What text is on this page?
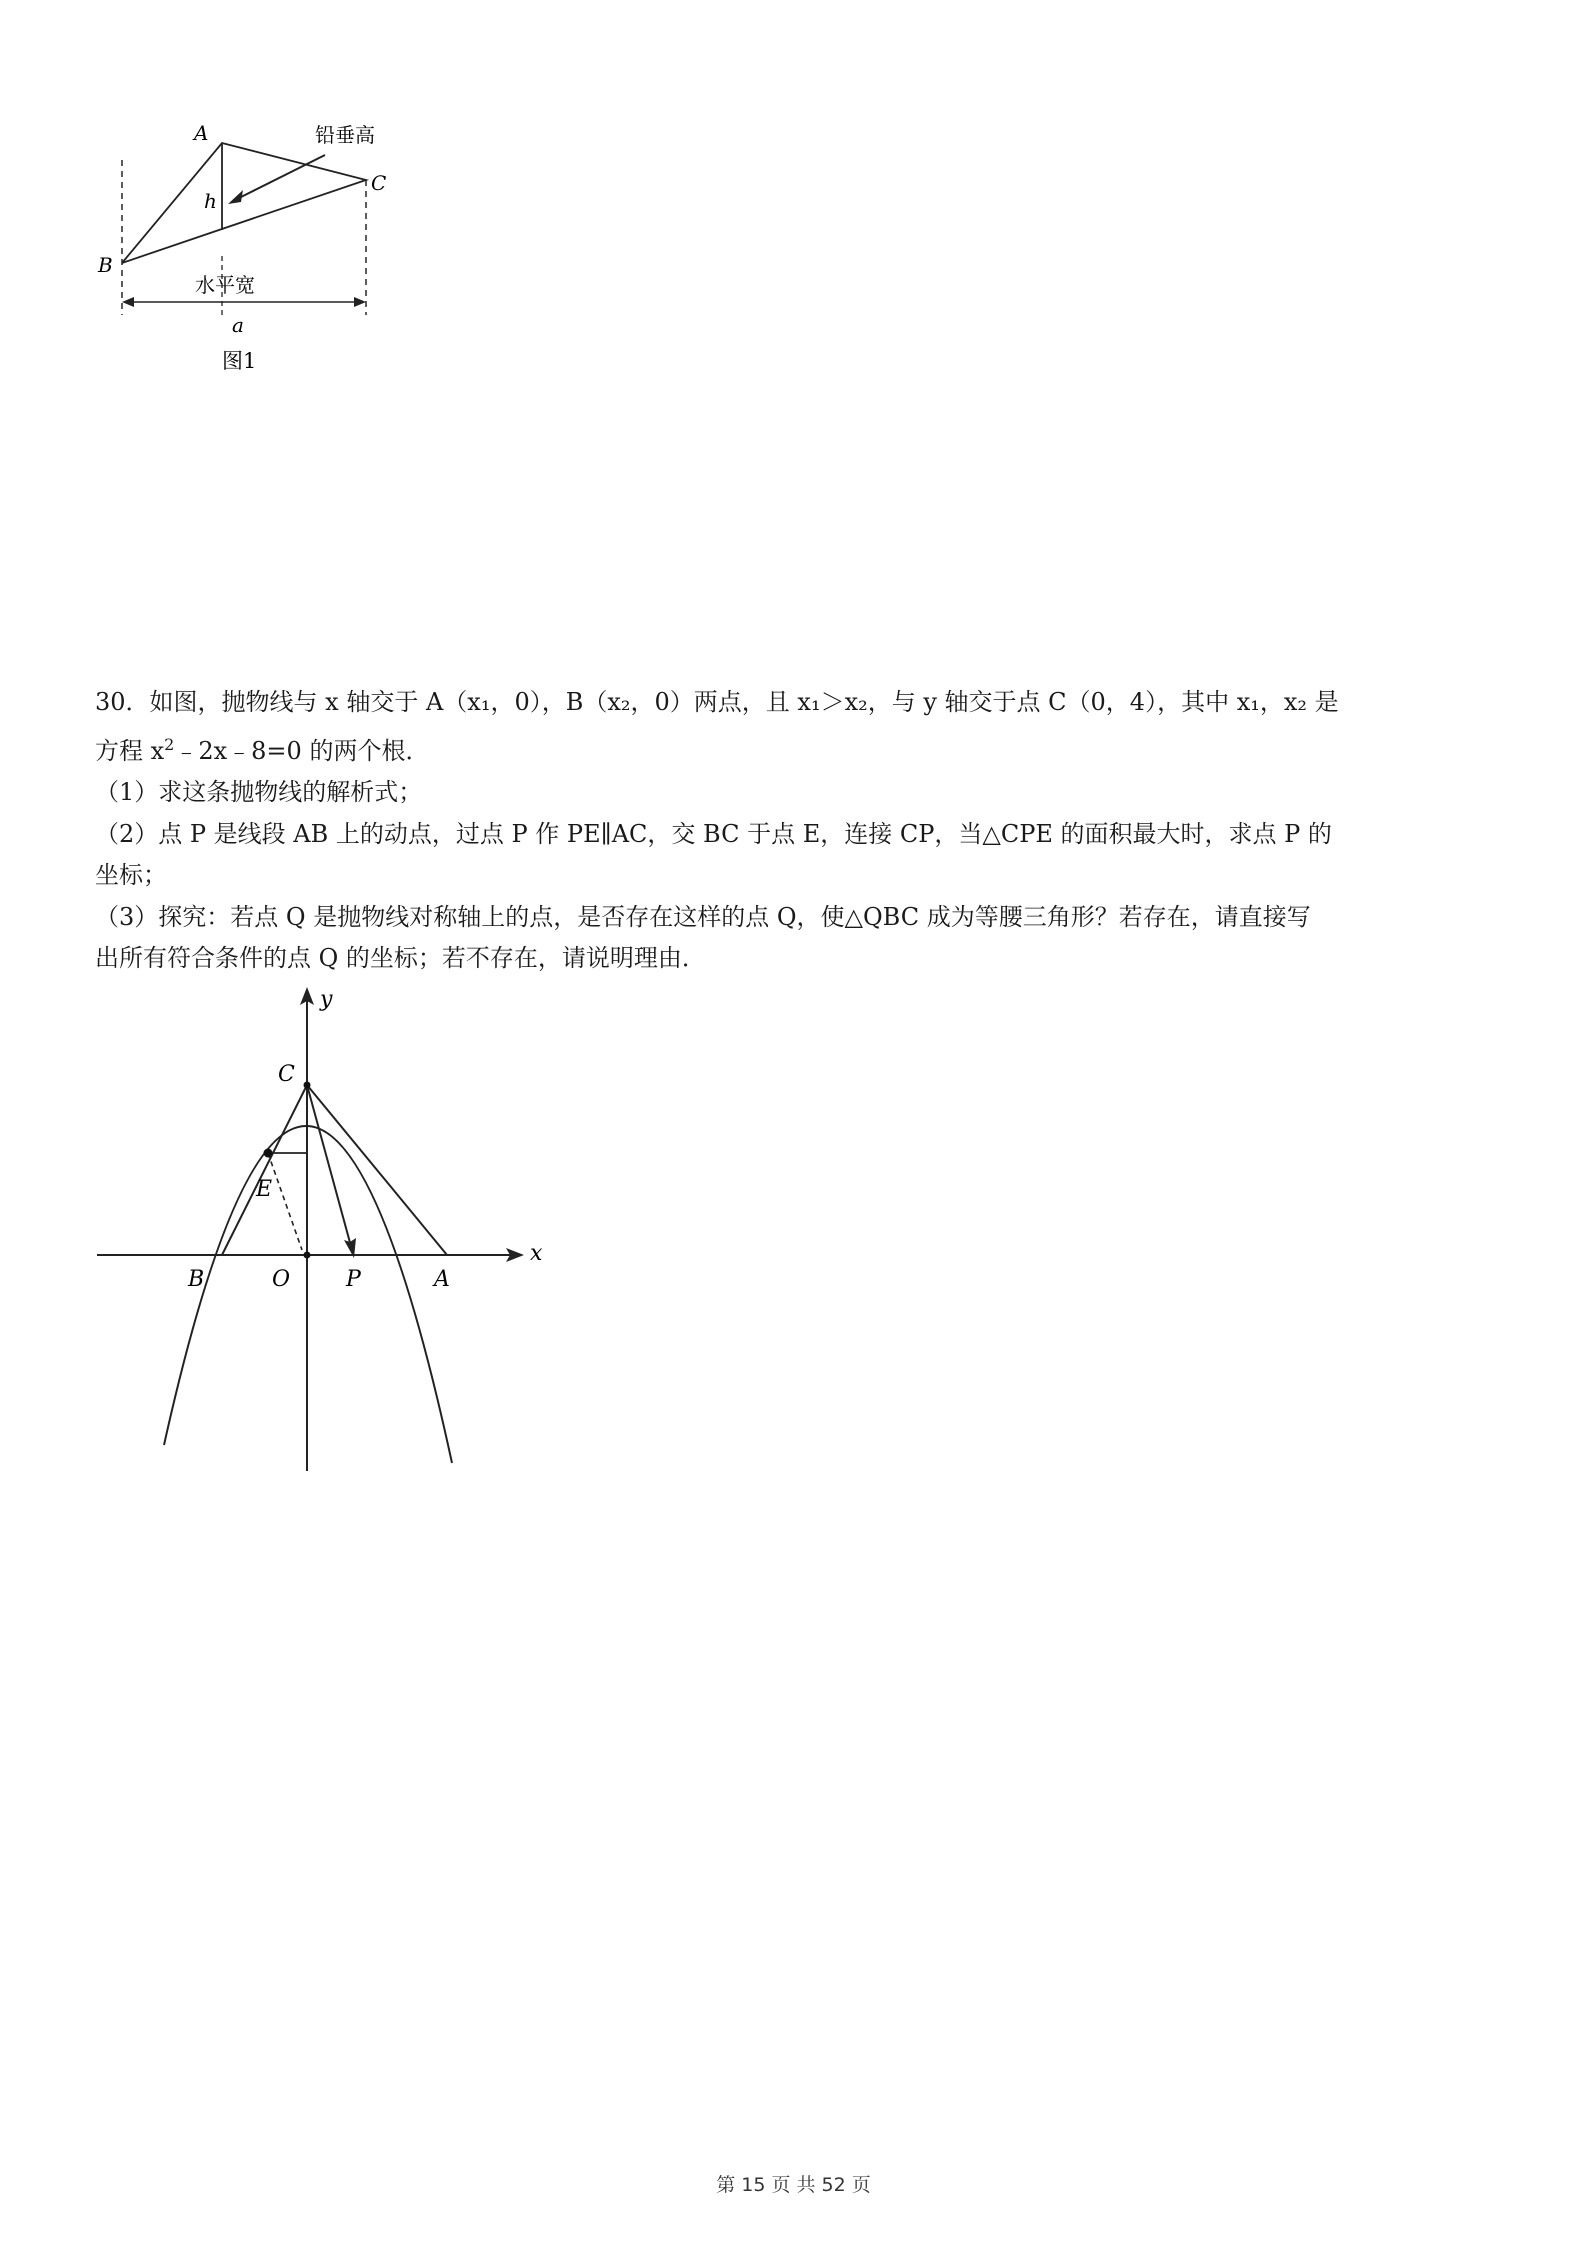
A
B
C
h
铅垂高
水平宽
a
图1

30．如图，抛物线与 x 轴交于 A（x₁，0），B（x₂，0）两点，且 x₁＞x₂，与 y 轴交于点 C（0，4），其中 x₁，x₂ 是

方程 $x^2﹣2x﹣8=0$ 的两个根．

（1）求这条抛物线的解析式；

（2）点 P 是线段 AB 上的动点，过点 P 作 PE∥AC，交 BC 于点 E，连接 CP，当△CPE 的面积最大时，求点 P 的

坐标；

（3）探究：若点 Q 是抛物线对称轴上的点，是否存在这样的点 Q，使△QBC 成为等腰三角形？若存在，请直接写

出所有符合条件的点 Q 的坐标；若不存在，请说明理由．

y
x
C
E
B	O	P	A
第 15 页 共 52 页
